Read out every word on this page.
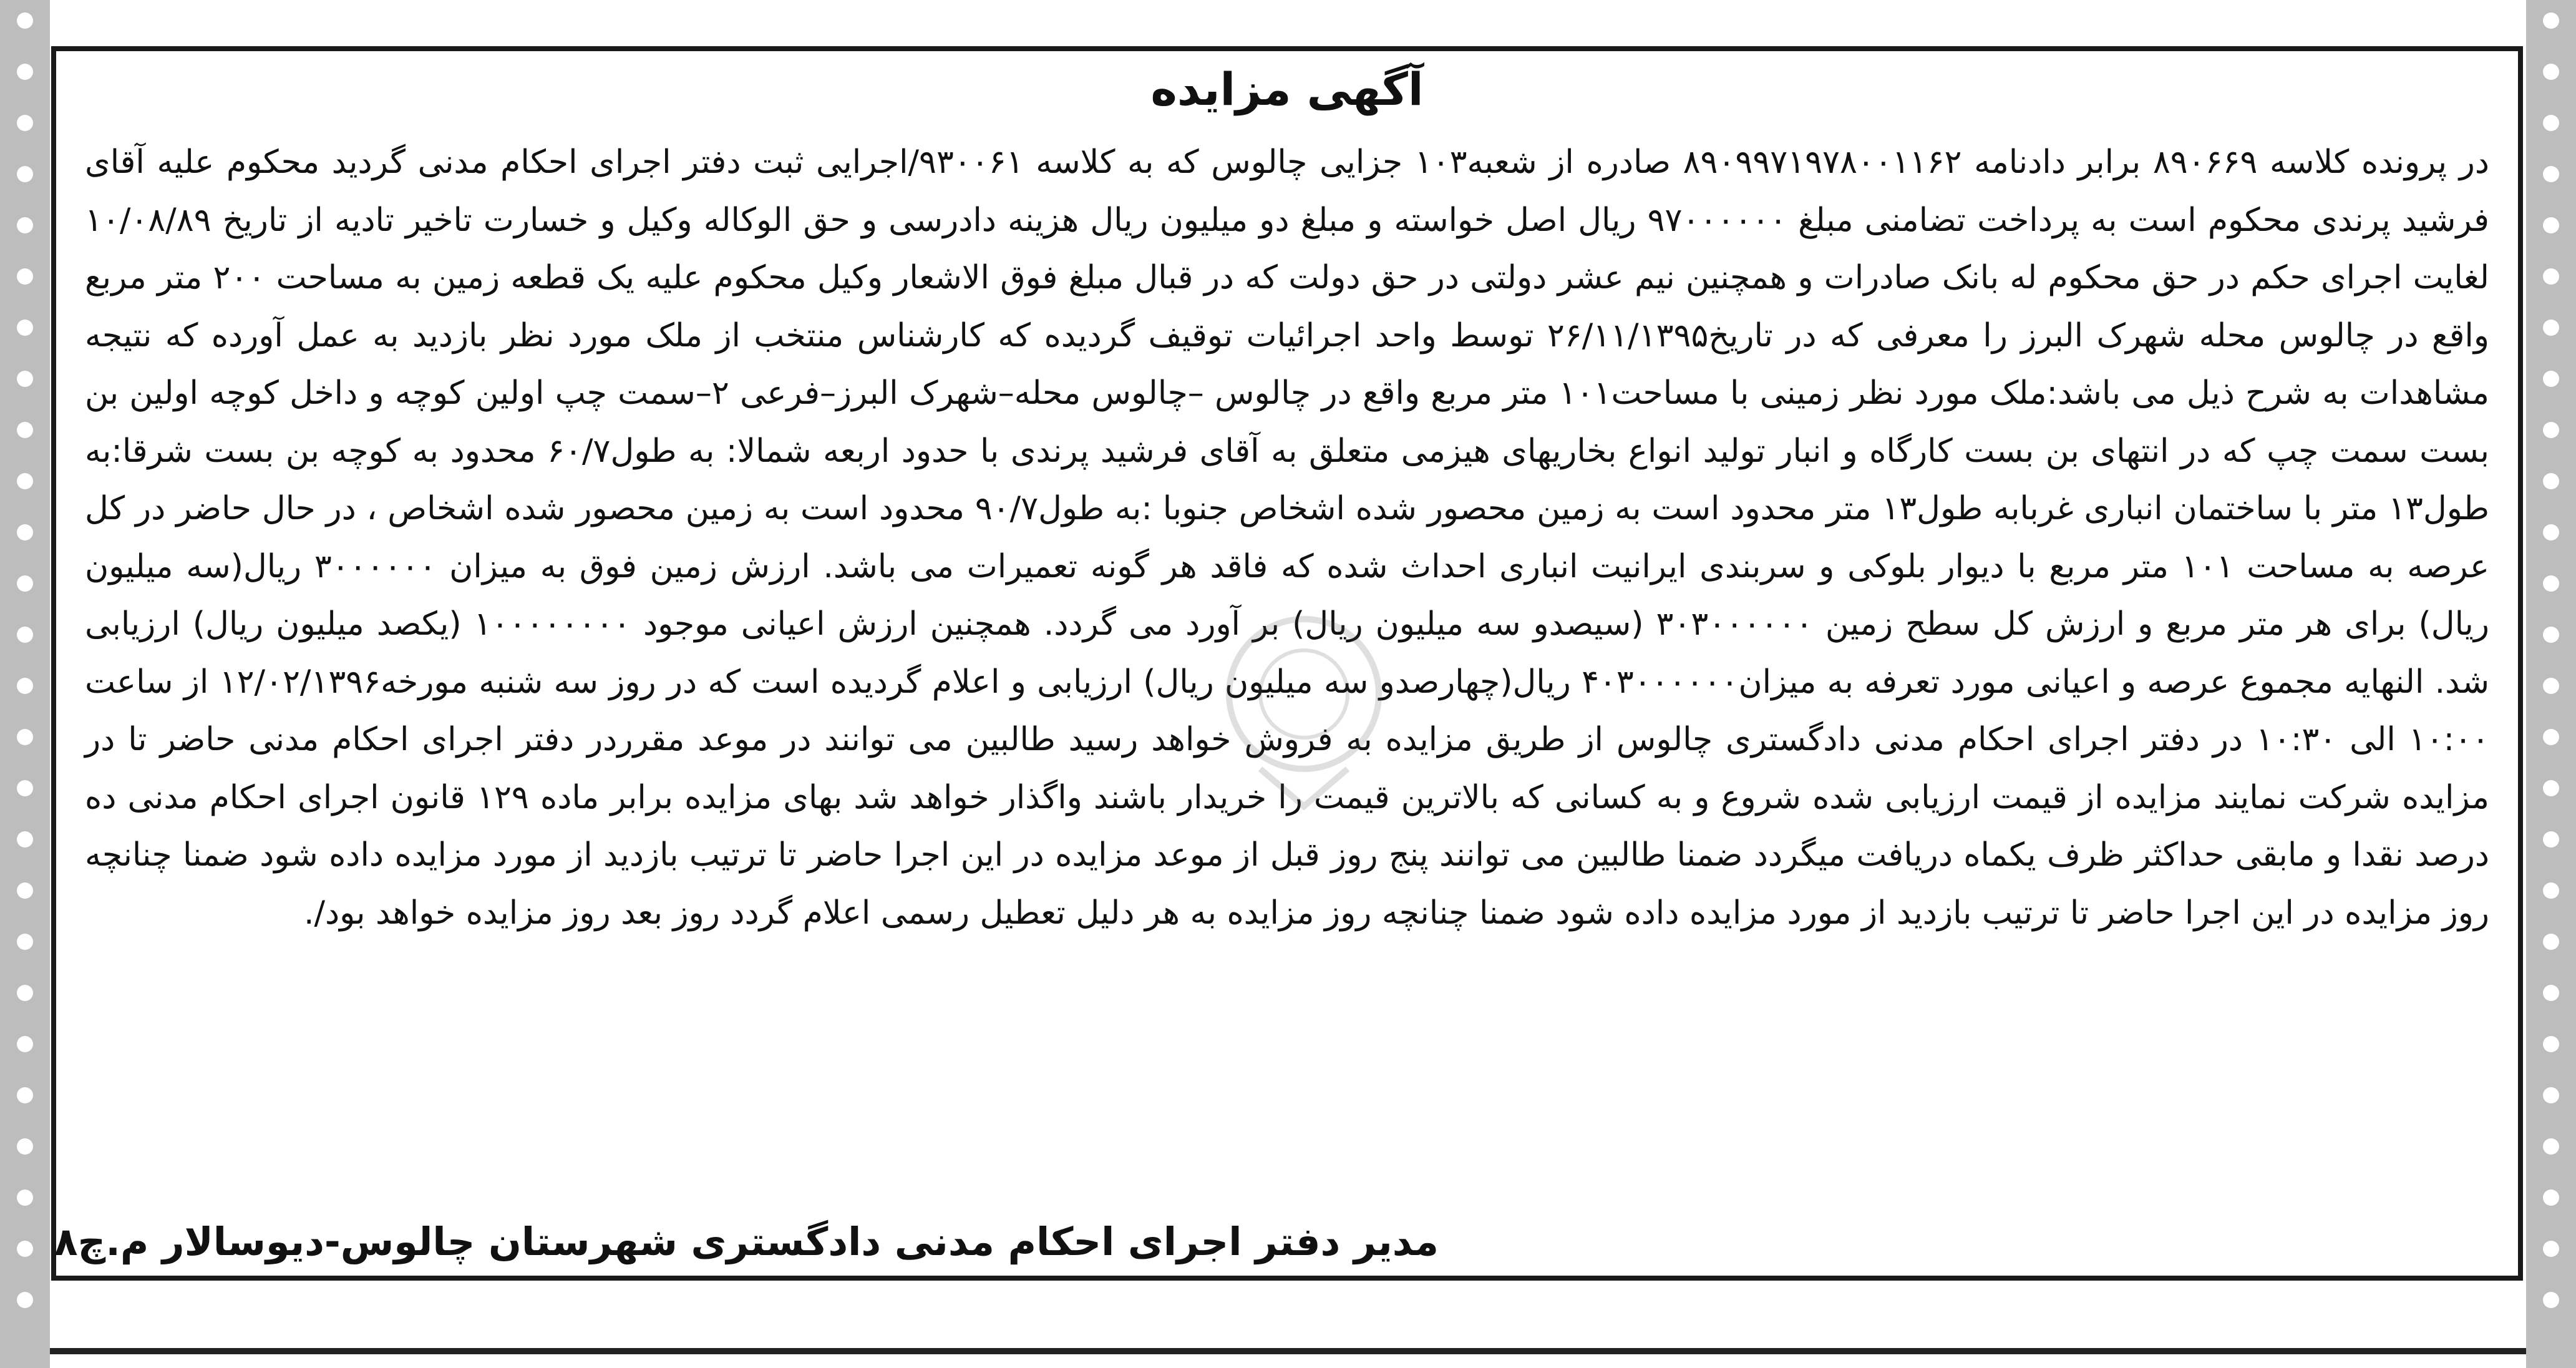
آگهی مزایده
در پرونده کلاسه ۸۹۰۶۶۹ برابر دادنامه ۸۹۰۹۹۷۱۹۷۸۰۰۱۱۶۲ صادره از شعبه۱۰۳ جزایی چالوس که به کلاسه ۹۳۰۰۶۱/اجرایی ثبت دفتر اجرای احکام مدنی گردید محکوم علیه آقای فرشید پرندی محکوم است به پرداخت تضامنی مبلغ ۹۷۰۰۰۰۰۰ ریال اصل خواسته و مبلغ دو میلیون ریال هزینه دادرسی و حق الوکاله وکیل و خسارت تاخیر تادیه از تاریخ ۱۰/۰۸/۸۹ لغایت اجرای حکم در حق محکوم له بانک صادرات و همچنین نیم عشر دولتی در حق دولت که در قبال مبلغ فوق الاشعار وکیل محکوم علیه یک قطعه زمین به مساحت ۲۰۰ متر مربع واقع در چالوس محله شهرک البرز را معرفی که در تاریخ۲۶/۱۱/۱۳۹۵ توسط واحد اجرائیات توقیف گردیده که کارشناس منتخب از ملک مورد نظر بازدید به عمل آورده که نتیجه مشاهدات به شرح ذیل می باشد:ملک مورد نظر زمینی با مساحت۱۰۱ متر مربع واقع در چالوس –چالوس محله–شهرک البرز–فرعی ۲–سمت چپ اولین کوچه و داخل کوچه اولین بن بست سمت چپ که در انتهای بن بست کارگاه و انبار تولید انواع بخاریهای هیزمی متعلق به آقای فرشید پرندی با حدود اربعه شمالا: به طول۶۰/۷ محدود به کوچه بن بست شرقا:به طول۱۳ متر با ساختمان انباری غربابه طول۱۳ متر محدود است به زمین محصور شده اشخاص جنوبا :به طول۹۰/۷ محدود است به زمین محصور شده اشخاص ، در حال حاضر در کل عرصه به مساحت ۱۰۱ متر مربع با دیوار بلوکی و سربندی ایرانیت انباری احداث شده که فاقد هر گونه تعمیرات می باشد. ارزش زمین فوق به میزان ۳۰۰۰۰۰۰ ریال(سه میلیون ریال) برای هر متر مربع و ارزش کل سطح زمین ۳۰۳۰۰۰۰۰۰ (سیصدو سه میلیون ریال) بر آورد می گردد. همچنین ارزش اعیانی موجود ۱۰۰۰۰۰۰۰۰ (یکصد میلیون ریال) ارزیابی شد. النهایه مجموع عرصه و اعیانی مورد تعرفه به میزان۴۰۳۰۰۰۰۰۰ ریال(چهارصدو سه میلیون ریال) ارزیابی و اعلام گردیده است که در روز سه شنبه مورخه۱۲/۰۲/۱۳۹۶ از ساعت ۱۰:۰۰ الی ۱۰:۳۰ در دفتر اجرای احکام مدنی دادگستری چالوس از طریق مزایده به فروش خواهد رسید طالبین می توانند در موعد مقرردر دفتر اجرای احکام مدنی حاضر تا در مزایده شرکت نمایند مزایده از قیمت ارزیابی شده شروع و به کسانی که بالاترین قیمت را خریدار باشند واگذار خواهد شد بهای مزایده برابر ماده ۱۲۹ قانون اجرای احکام مدنی ده درصد نقدا و مابقی حداکثر ظرف یکماه دریافت میگردد ضمنا طالبین می توانند پنج روز قبل از موعد مزایده در این اجرا حاضر تا ترتیب بازدید از مورد مزایده داده شود ضمنا چنانچه روز مزایده در این اجرا حاضر تا ترتیب بازدید از مورد مزایده داده شود ضمنا چنانچه روز مزایده به هر دلیل تعطیل رسمی اعلام گردد روز بعد روز مزایده خواهد بود/.
مدیر دفتر اجرای احکام مدنی دادگستری شهرستان چالوس-دیوسالار م.چ۸
